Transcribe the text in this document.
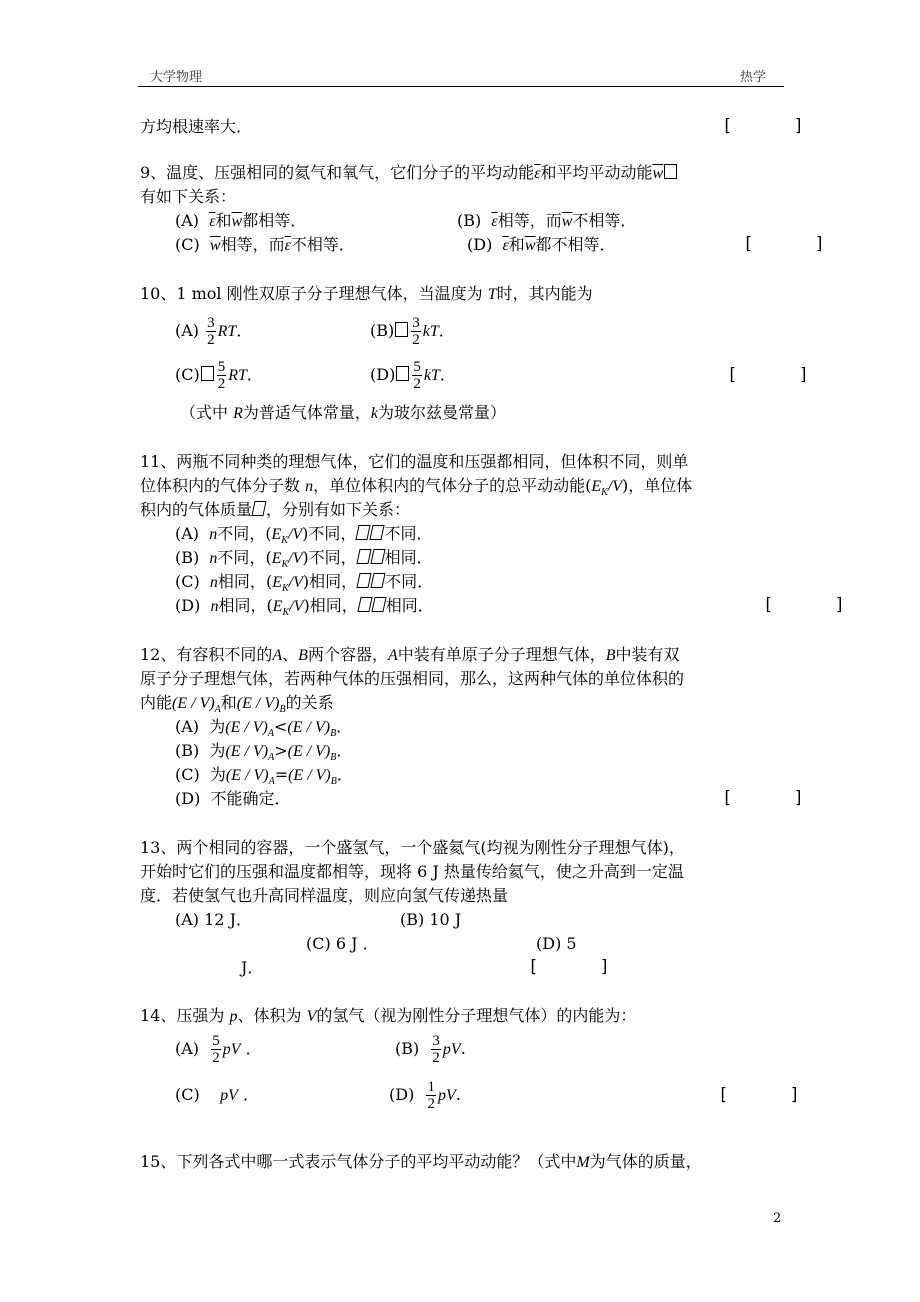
大学物理	热学
方均根速率大．	[      ]
9、温度、压强相同的氦气和氧气，它们分子的平均动能$\overline{\varepsilon}$和平均平动动能$\overline{w}$
有如下关系：
(A) $\overline{\varepsilon}$和$\overline{w}$都相等．	(B) $\overline{\varepsilon}$相等，而$\overline{w}$不相等．
(C) $\overline{w}$相等，而$\overline{\varepsilon}$不相等．	(D) $\overline{\varepsilon}$和$\overline{w}$都不相等．	[      ]
10、1 mol 刚性双原子分子理想气体，当温度为 T时，其内能为
$(A) \frac{3}{2}$ RT．	$(B) \frac{3}{2}$ kT．
$(C) \frac{5}{2}$ RT．	$(D) \frac{5}{2}$ kT．	[      ]
（式中 R为普适气体常量，k为玻尔兹曼常量）
11、两瓶不同种类的理想气体，它们的温度和压强都相同，但体积不同，则单
位体积内的气体分子数 n，单位体积内的气体分子的总平动动能$(E_K/V)$，单位体
积内的气体质量 ，分别有如下关系：
(A) n不同，$(E_K/V)$不同， 不同．
(B) n不同，$(E_K/V)$不同， 相同．
(C) n相同，$(E_K/V)$相同， 不同．
(D) n相同，$(E_K/V)$相同， 相同．	[      ]
12、有容积不同的A、B两个容器，A中装有单原子分子理想气体，B中装有双
原子分子理想气体，若两种气体的压强相同，那么，这两种气体的单位体积的
内能$(E / V)_A$和$(E / V)_B$的关系
(A) 为$(E / V)_A<(E / V)_B$．
(B) 为$(E / V)_A>(E / V)_B$．
(C) 为$(E / V)_A=(E / V)_B$．
(D) 不能确定．	[      ]
13、两个相同的容器，一个盛氢气，一个盛氦气(均视为刚性分子理想气体)，
开始时它们的压强和温度都相等，现将 6 J 热量传给氦气，使之升高到一定温
度．若使氢气也升高同样温度，则应向氢气传递热量
(A) 12 J．	(B) 10 J
(C) 6 J ．	(D) 5
J．	[      ]
14、压强为 p、体积为 V的氢气（视为刚性分子理想气体）的内能为：
$(A) \frac{5}{2}$ pV ．	$(B) \frac{3}{2}$ pV.
(C) pV ．	$(D) \frac{1}{2}$ pV.	[      ]
15、下列各式中哪一式表示气体分子的平均平动动能？（式中M为气体的质量，
2
